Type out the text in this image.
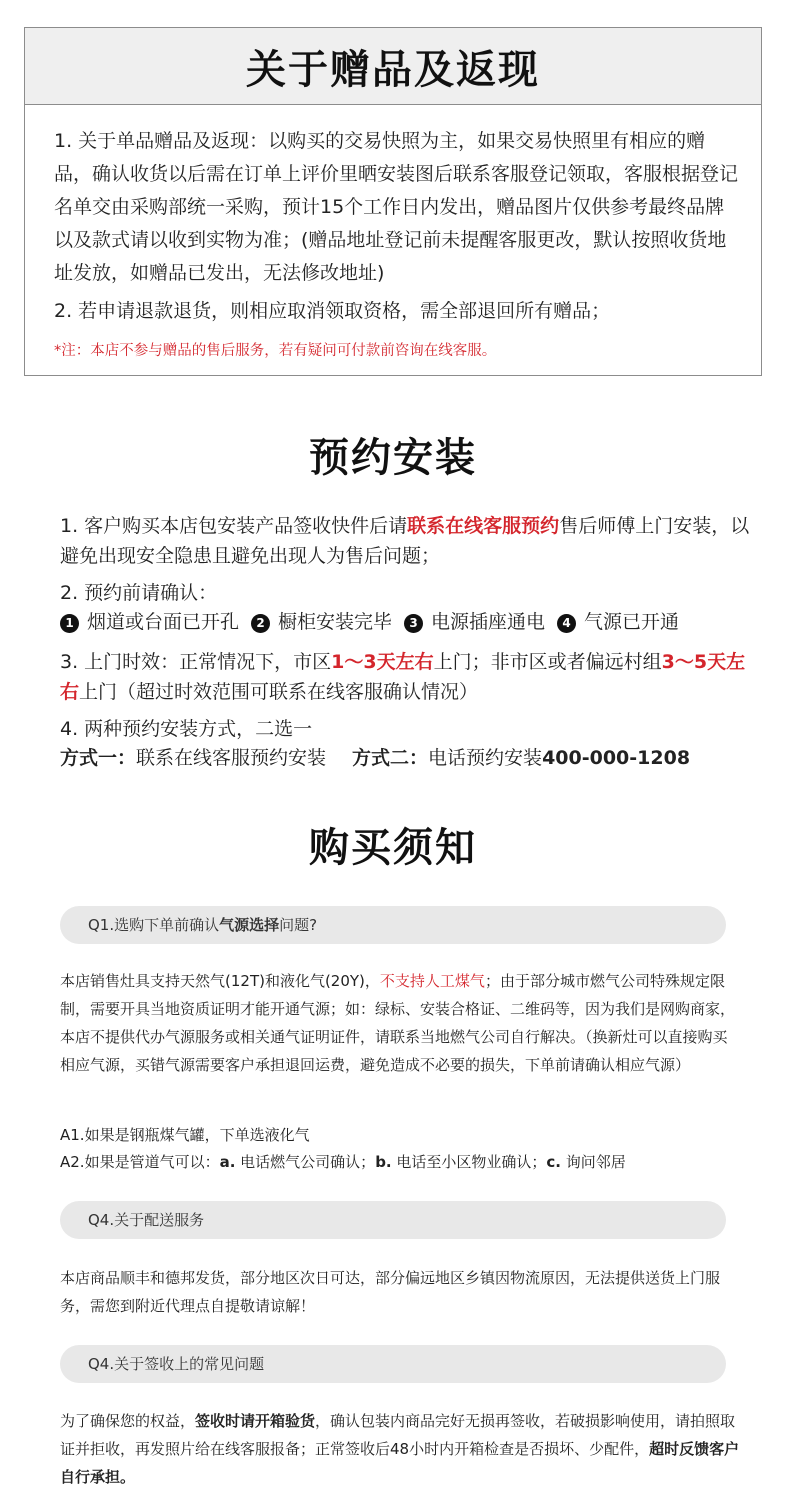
关于赠品及返现

1. 关于单品赠品及返现：以购买的交易快照为主，如果交易快照里有相应的赠品，确认收货以后需在订单上评价里晒安装图后联系客服登记领取，客服根据登记名单交由采购部统一采购，预计15个工作日内发出，赠品图片仅供参考最终品牌以及款式请以收到实物为准；(赠品地址登记前未提醒客服更改，默认按照收货地址发放，如赠品已发出，无法修改地址)

2. 若申请退款退货，则相应取消领取资格，需全部退回所有赠品；

*注：本店不参与赠品的售后服务，若有疑问可付款前咨询在线客服。

预约安装

1. 客户购买本店包安装产品签收快件后请联系在线客服预约售后师傅上门安装，以避免出现安全隐患且避免出现人为售后问题；

2. 预约前请确认：

1 烟道或台面已开孔 2 橱柜安装完毕 3 电源插座通电 4 气源已开通

3. 上门时效：正常情况下，市区1～3天左右上门；非市区或者偏远村组3～5天左右上门（超过时效范围可联系在线客服确认情况）

4. 两种预约安装方式，二选一

方式一：联系在线客服预约安装 方式二：电话预约安装400-000-1208

购买须知
Q1.选购下单前确认气源选择问题?

本店销售灶具支持天然气(12T)和液化气(20Y)，不支持人工煤气；由于部分城市燃气公司特殊规定限制，需要开具当地资质证明才能开通气源；如：绿标、安装合格证、二维码等，因为我们是网购商家，本店不提供代办气源服务或相关通气证明证件，请联系当地燃气公司自行解决。（换新灶可以直接购买相应气源，买错气源需要客户承担退回运费，避免造成不必要的损失，下单前请确认相应气源）

A1.如果是钢瓶煤气罐，下单选液化气

A2.如果是管道气可以：a. 电话燃气公司确认；b. 电话至小区物业确认；c. 询问邻居

Q4.关于配送服务

本店商品顺丰和德邦发货，部分地区次日可达，部分偏远地区乡镇因物流原因，无法提供送货上门服务，需您到附近代理点自提敬请谅解！

Q4.关于签收上的常见问题

为了确保您的权益，签收时请开箱验货，确认包装内商品完好无损再签收，若破损影响使用，请拍照取证并拒收，再发照片给在线客服报备；正常签收后48小时内开箱检查是否损坏、少配件，超时反馈客户自行承担。
